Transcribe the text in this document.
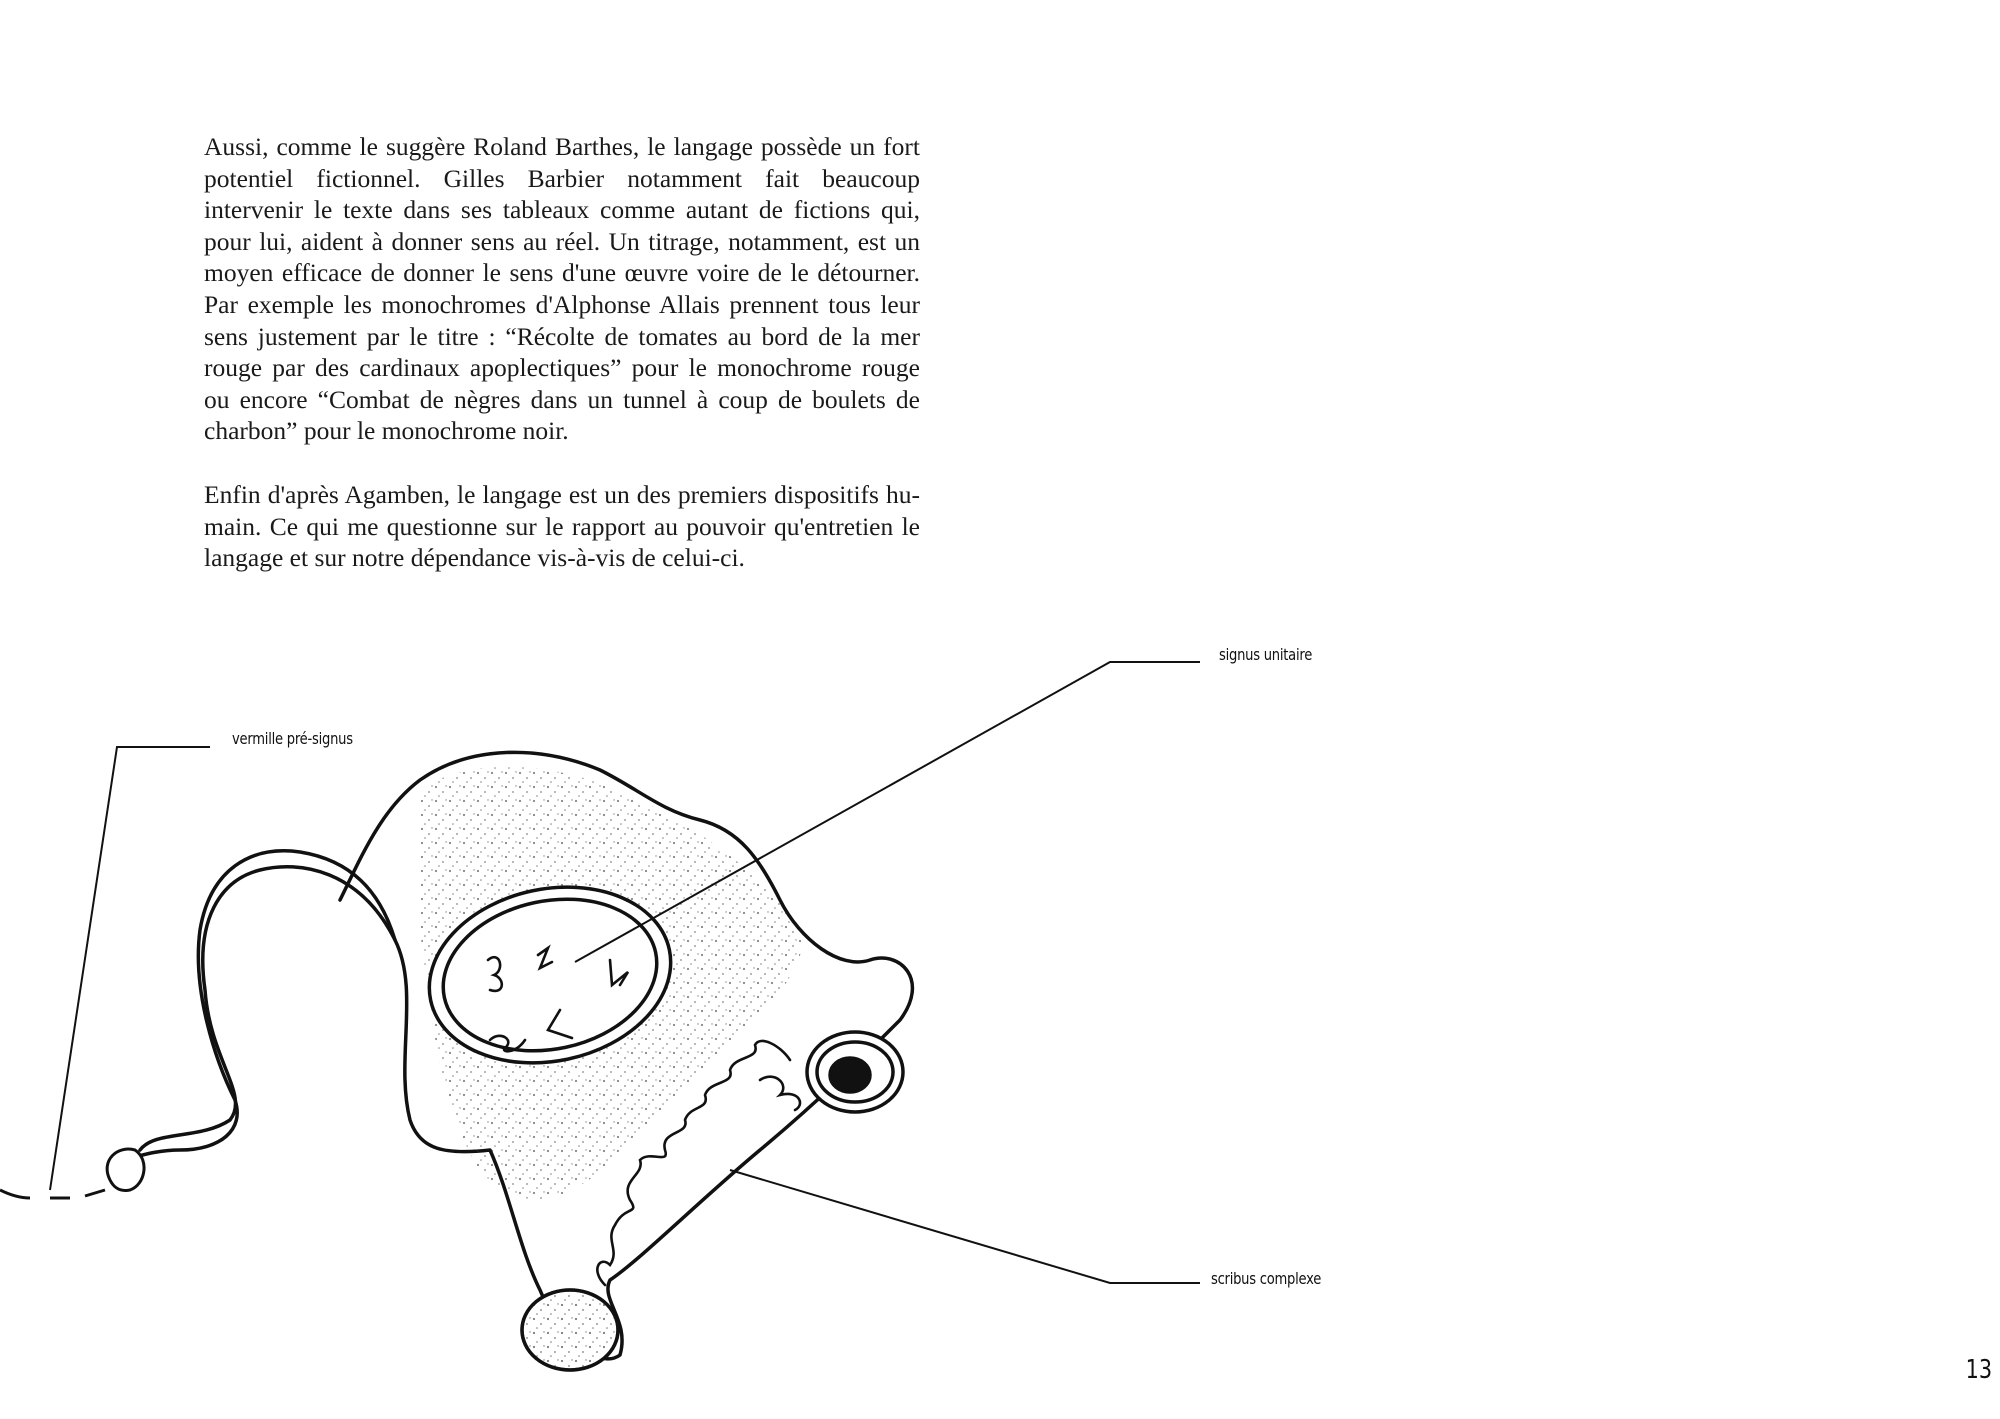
Aussi, comme le suggère Roland Barthes, le langage possède un fort potentiel fictionnel. Gilles Barbier notamment fait beaucoup intervenir le texte dans ses tableaux comme autant de fictions qui, pour lui, aident à donner sens au réel. Un titrage, notamment, est un moyen efficace de donner le sens d'une œuvre voire de le détourner. Par exemple les monochromes d'Alphonse Allais prennent tous leur sens justement par le titre : “Récolte de tomates au bord de la mer rouge par des cardinaux apoplectiques” pour le monochrome rouge ou encore “Combat de nègres dans un tunnel à coup de boulets de charbon” pour le monochrome noir.

Enfin d'après Agamben, le langage est un des premiers dispositifs humain. Ce qui me questionne sur le rapport au pouvoir qu'entretien le langage et sur notre dépendance vis-à-vis de celui-ci.

signus unitaire
vermille pré-signus
scribus complexe
13
